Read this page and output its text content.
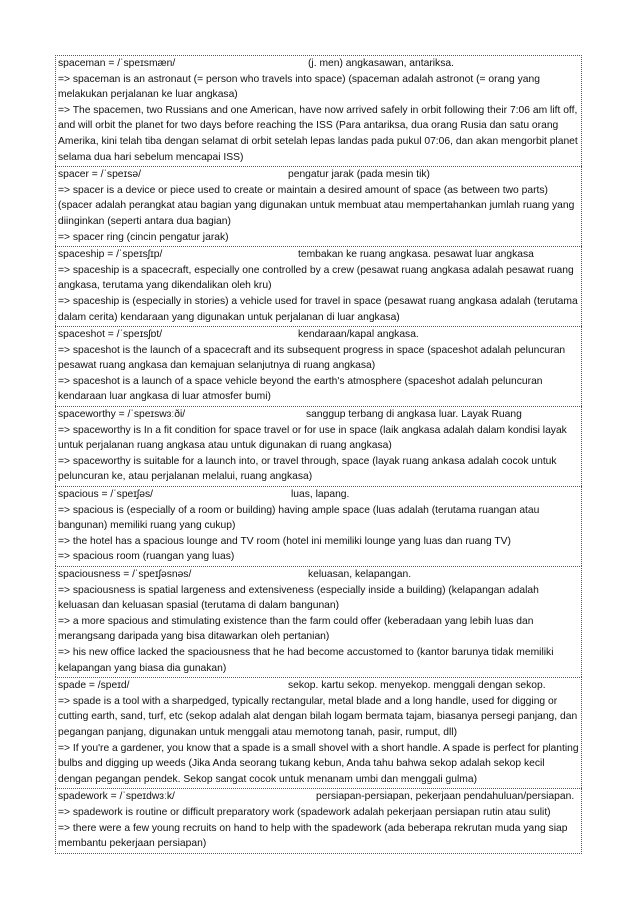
spaceman = /ˈspeɪsmæn/	(j. men) angkasawan, antariksa.
=> spaceman is an astronaut (= person who travels into space) (spaceman adalah astronot (= orang yang melakukan perjalanan ke luar angkasa)
=> The spacemen, two Russians and one American, have now arrived safely in orbit following their 7:06 am lift off, and will orbit the planet for two days before reaching the ISS (Para antariksa, dua orang Rusia dan satu orang Amerika, kini telah tiba dengan selamat di orbit setelah lepas landas pada pukul 07:06, dan akan mengorbit planet selama dua hari sebelum mencapai ISS)
spacer = /ˈspeɪsə/	pengatur jarak (pada mesin tik)
=> spacer is a device or piece used to create or maintain a desired amount of space (as between two parts) (spacer adalah perangkat atau bagian yang digunakan untuk membuat atau mempertahankan jumlah ruang yang diinginkan (seperti antara dua bagian)
=> spacer ring (cincin pengatur jarak)
spaceship = /ˈspeɪsʃɪp/	tembakan ke ruang angkasa. pesawat luar angkasa
=> spaceship is a spacecraft, especially one controlled by a crew (pesawat ruang angkasa adalah pesawat ruang angkasa, terutama yang dikendalikan oleh kru)
=> spaceship is (especially in stories) a vehicle used for travel in space (pesawat ruang angkasa adalah (terutama dalam cerita) kendaraan yang digunakan untuk perjalanan di luar angkasa)
spaceshot = /ˈspeɪsʃɒt/	kendaraan/kapal angkasa.
=> spaceshot is the launch of a spacecraft and its subsequent progress in space (spaceshot adalah peluncuran pesawat ruang angkasa dan kemajuan selanjutnya di ruang angkasa)
=> spaceshot is a launch of a space vehicle beyond the earth's atmosphere (spaceshot adalah peluncuran kendaraan luar angkasa di luar atmosfer bumi)
spaceworthy = /ˈspeɪswɜːði/	sanggup terbang di angkasa luar. Layak Ruang
=> spaceworthy is In a fit condition for space travel or for use in space (laik angkasa adalah dalam kondisi layak untuk perjalanan ruang angkasa atau untuk digunakan di ruang angkasa)
=> spaceworthy is suitable for a launch into, or travel through, space (layak ruang ankasa adalah cocok untuk peluncuran ke, atau perjalanan melalui, ruang angkasa)
spacious = /ˈspeɪʃəs/	luas, lapang.
=> spacious is (especially of a room or building) having ample space (luas adalah (terutama ruangan atau bangunan) memiliki ruang yang cukup)
=> the hotel has a spacious lounge and TV room (hotel ini memiliki lounge yang luas dan ruang TV)
=> spacious room (ruangan yang luas)
spaciousness = /ˈspeɪʃəsnəs/	keluasan, kelapangan.
=> spaciousness is spatial largeness and extensiveness (especially inside a building) (kelapangan adalah keluasan dan keluasan spasial (terutama di dalam bangunan)
=> a more spacious and stimulating existence than the farm could offer (keberadaan yang lebih luas dan merangsang daripada yang bisa ditawarkan oleh pertanian)
=> his new office lacked the spaciousness that he had become accustomed to (kantor barunya tidak memiliki kelapangan yang biasa dia gunakan)
spade = /speɪd/	sekop. kartu sekop. menyekop. menggali dengan sekop.
=> spade is a tool with a sharpedged, typically rectangular, metal blade and a long handle, used for digging or cutting earth, sand, turf, etc (sekop adalah alat dengan bilah logam bermata tajam, biasanya persegi panjang, dan pegangan panjang, digunakan untuk menggali atau memotong tanah, pasir, rumput, dll)
=> If you're a gardener, you know that a spade is a small shovel with a short handle. A spade is perfect for planting bulbs and digging up weeds (Jika Anda seorang tukang kebun, Anda tahu bahwa sekop adalah sekop kecil dengan pegangan pendek. Sekop sangat cocok untuk menanam umbi dan menggali gulma)
spadework = /ˈspeɪdwɜːk/	persiapan-persiapan, pekerjaan pendahuluan/persiapan.
=> spadework is routine or difficult preparatory work (spadework adalah pekerjaan persiapan rutin atau sulit)
=> there were a few young recruits on hand to help with the spadework (ada beberapa rekrutan muda yang siap membantu pekerjaan persiapan)
